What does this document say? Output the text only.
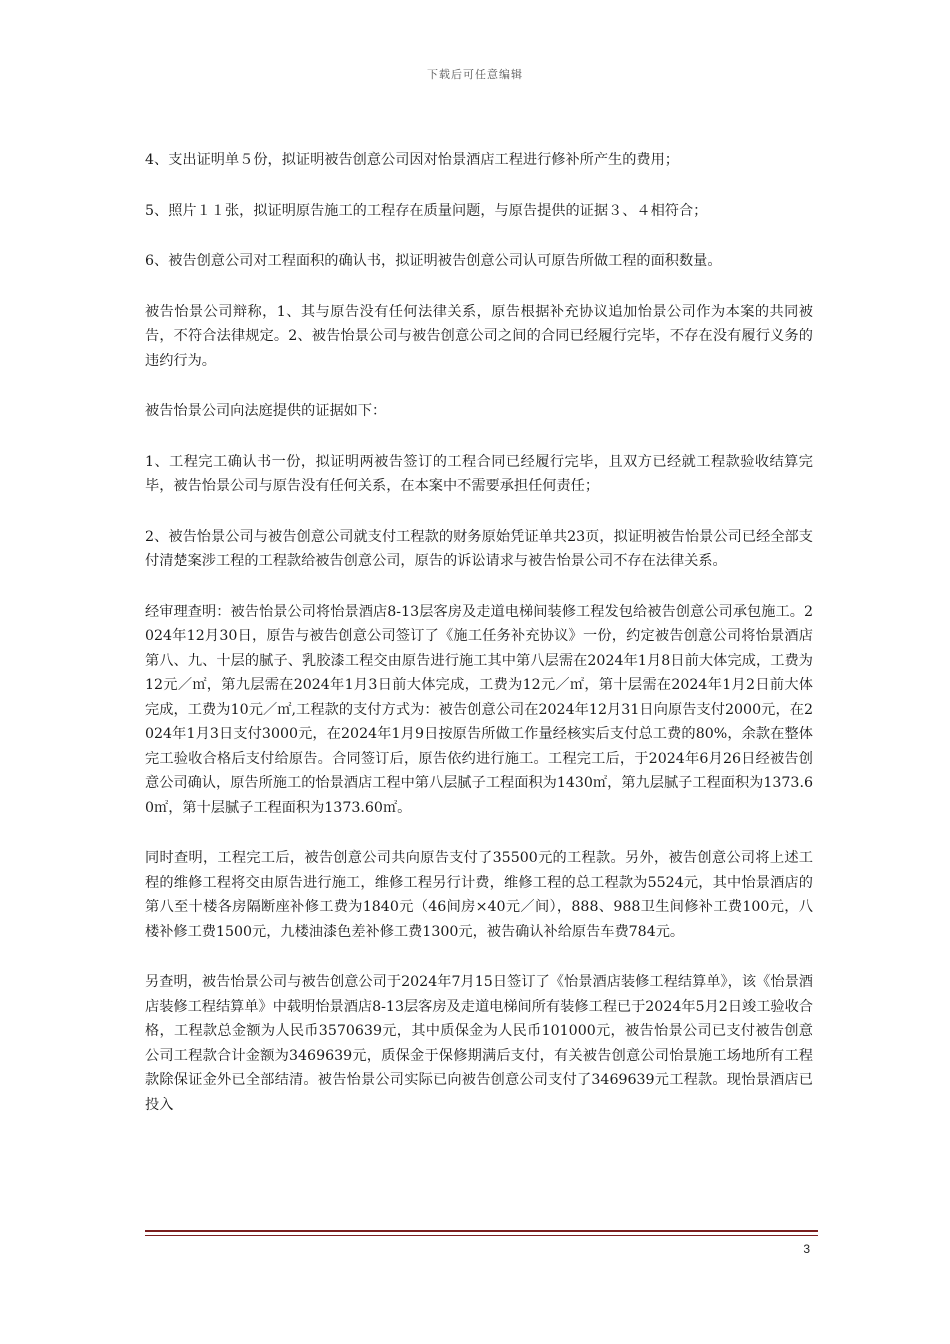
下载后可任意编辑

4、支出证明单５份，拟证明被告创意公司因对怡景酒店工程进行修补所产生的费用；

5、照片１１张，拟证明原告施工的工程存在质量问题，与原告提供的证据３、４相符合；

6、被告创意公司对工程面积的确认书，拟证明被告创意公司认可原告所做工程的面积数量。

被告怡景公司辩称，1、其与原告没有任何法律关系，原告根据补充协议追加怡景公司作为本案的共同被告，不符合法律规定。2、被告怡景公司与被告创意公司之间的合同已经履行完毕，不存在没有履行义务的违约行为。

被告怡景公司向法庭提供的证据如下：

1、工程完工确认书一份，拟证明两被告签订的工程合同已经履行完毕，且双方已经就工程款验收结算完毕，被告怡景公司与原告没有任何关系，在本案中不需要承担任何责任；

2、被告怡景公司与被告创意公司就支付工程款的财务原始凭证单共23页，拟证明被告怡景公司已经全部支付清楚案涉工程的工程款给被告创意公司，原告的诉讼请求与被告怡景公司不存在法律关系。

经审理查明：被告怡景公司将怡景酒店8-13层客房及走道电梯间装修工程发包给被告创意公司承包施工。2024年12月30日，原告与被告创意公司签订了《施工任务补充协议》一份，约定被告创意公司将怡景酒店第八、九、十层的腻子、乳胶漆工程交由原告进行施工其中第八层需在2024年1月8日前大体完成，工费为12元／㎡，第九层需在2024年1月3日前大体完成，工费为12元／㎡，第十层需在2024年1月2日前大体完成，工费为10元／㎡,工程款的支付方式为：被告创意公司在2024年12月31日向原告支付2000元，在2024年1月3日支付3000元，在2024年1月9日按原告所做工作量经核实后支付总工费的80%，余款在整体完工验收合格后支付给原告。合同签订后，原告依约进行施工。工程完工后，于2024年6月26日经被告创意公司确认，原告所施工的怡景酒店工程中第八层腻子工程面积为1430㎡，第九层腻子工程面积为1373.60㎡，第十层腻子工程面积为1373.60㎡。

同时查明，工程完工后，被告创意公司共向原告支付了35500元的工程款。另外，被告创意公司将上述工程的维修工程将交由原告进行施工，维修工程另行计费，维修工程的总工程款为5524元，其中怡景酒店的第八至十楼各房隔断座补修工费为1840元（46间房×40元／间），888、988卫生间修补工费100元，八楼补修工费1500元，九楼油漆色差补修工费1300元，被告确认补给原告车费784元。

另查明，被告怡景公司与被告创意公司于2024年7月15日签订了《怡景酒店装修工程结算单》，该《怡景酒店装修工程结算单》中载明怡景酒店8-13层客房及走道电梯间所有装修工程已于2024年5月2日竣工验收合格，工程款总金额为人民币3570639元，其中质保金为人民币101000元，被告怡景公司已支付被告创意公司工程款合计金额为3469639元，质保金于保修期满后支付，有关被告创意公司怡景施工场地所有工程款除保证金外已全部结清。被告怡景公司实际已向被告创意公司支付了3469639元工程款。现怡景酒店已投入

3
